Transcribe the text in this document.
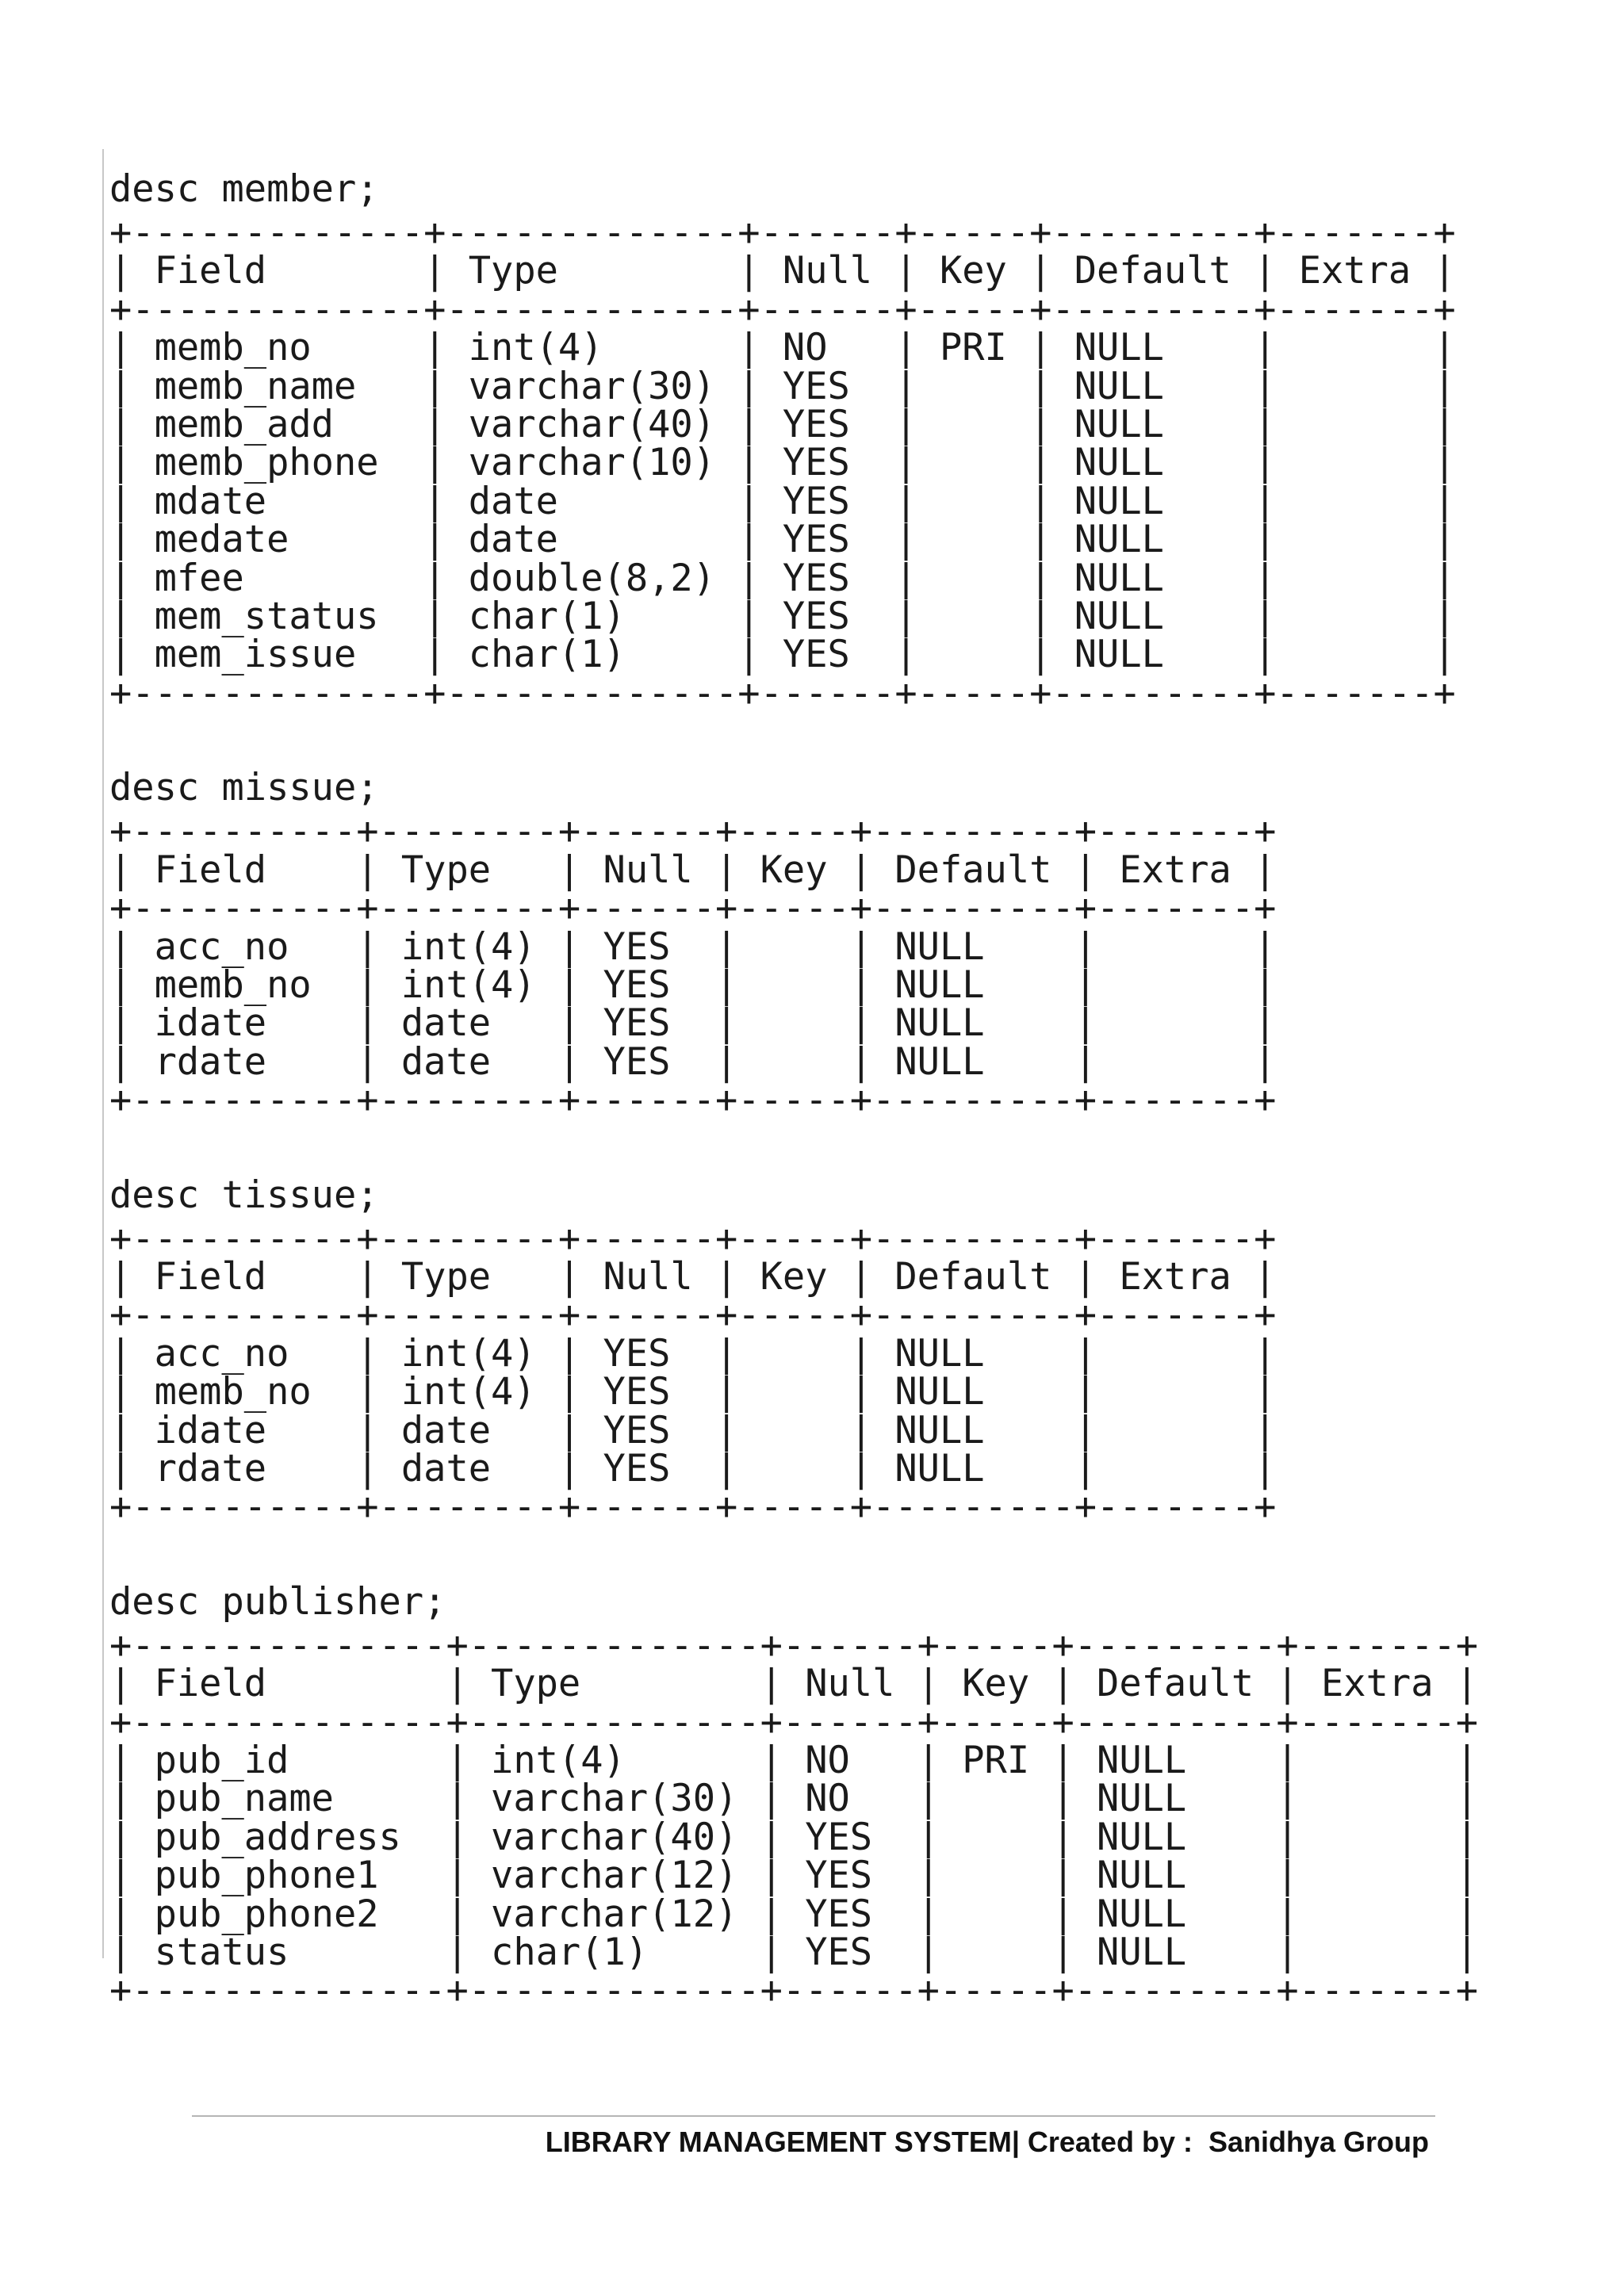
desc member;
+-------------+-------------+------+-----+---------+-------+
| Field       | Type        | Null | Key | Default | Extra |
+-------------+-------------+------+-----+---------+-------+
| memb_no     | int(4)      | NO   | PRI | NULL    |       |
| memb_name   | varchar(30) | YES  |     | NULL    |       |
| memb_add    | varchar(40) | YES  |     | NULL    |       |
| memb_phone  | varchar(10) | YES  |     | NULL    |       |
| mdate       | date        | YES  |     | NULL    |       |
| medate      | date        | YES  |     | NULL    |       |
| mfee        | double(8,2) | YES  |     | NULL    |       |
| mem_status  | char(1)     | YES  |     | NULL    |       |
| mem_issue   | char(1)     | YES  |     | NULL    |       |
+-------------+-------------+------+-----+---------+-------+
desc missue;
+----------+--------+------+-----+---------+-------+
| Field    | Type   | Null | Key | Default | Extra |
+----------+--------+------+-----+---------+-------+
| acc_no   | int(4) | YES  |     | NULL    |       |
| memb_no  | int(4) | YES  |     | NULL    |       |
| idate    | date   | YES  |     | NULL    |       |
| rdate    | date   | YES  |     | NULL    |       |
+----------+--------+------+-----+---------+-------+
desc tissue;
+----------+--------+------+-----+---------+-------+
| Field    | Type   | Null | Key | Default | Extra |
+----------+--------+------+-----+---------+-------+
| acc_no   | int(4) | YES  |     | NULL    |       |
| memb_no  | int(4) | YES  |     | NULL    |       |
| idate    | date   | YES  |     | NULL    |       |
| rdate    | date   | YES  |     | NULL    |       |
+----------+--------+------+-----+---------+-------+
desc publisher;
+--------------+-------------+------+-----+---------+-------+
| Field        | Type        | Null | Key | Default | Extra |
+--------------+-------------+------+-----+---------+-------+
| pub_id       | int(4)      | NO   | PRI | NULL    |       |
| pub_name     | varchar(30) | NO   |     | NULL    |       |
| pub_address  | varchar(40) | YES  |     | NULL    |       |
| pub_phone1   | varchar(12) | YES  |     | NULL    |       |
| pub_phone2   | varchar(12) | YES  |     | NULL    |       |
| status       | char(1)     | YES  |     | NULL    |       |
+--------------+-------------+------+-----+---------+-------+
LIBRARY MANAGEMENT SYSTEM| Created by :  Sanidhya Group
